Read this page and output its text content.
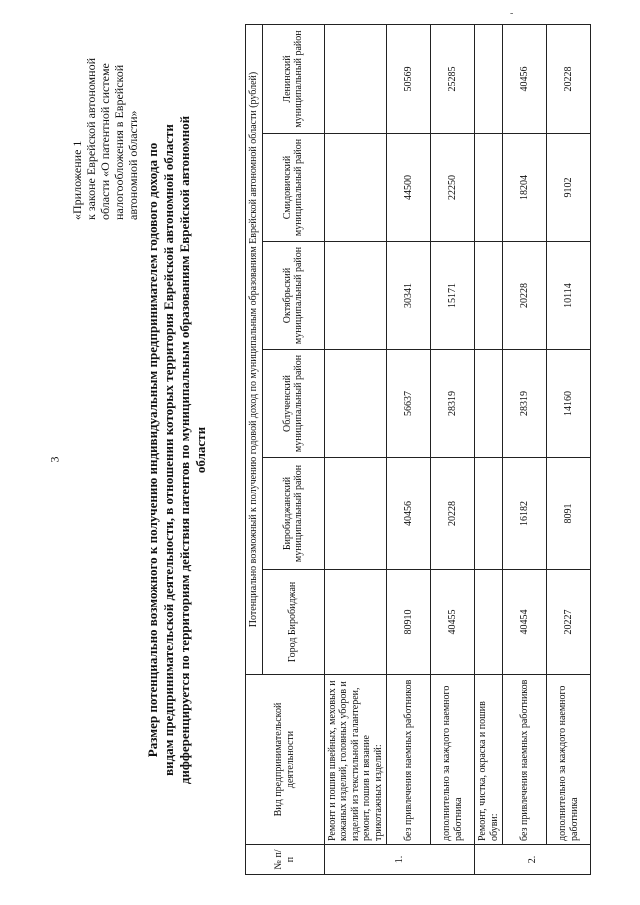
3
-
«Приложение 1 к законе Еврейской автономной области «О патентной системе налогообложения в Еврейской автономной области» Размер потенциально возможного к получению индивидуальным предпринимателем годового дохода по видам предпринимательской деятельности, в отношении которых территория Еврейской автономной области дифференцируется по территориям действия патентов по муниципальным образованиям Еврейской автономной области
№ п/п	Вид предпринимательской деятельности	Потенциально возможный к получению годовой доход по муниципальным образованиям Еврейской автономной области (рублей)					
		Город Биробиджан	Биробиджанский муниципальный район	Облученский муниципальный район	Октябрьский муниципальный район	Смидовичский муниципальный район	Ленинский муниципальный район
1.	Ремонт и пошив швейных, меховых и кожаных изделий, головных уборов и изделий из текстильной галантереи, ремонт, пошив и вязание трикотажных изделий:						
	без привлечения наемных работников	80910	40456	56637	30341	44500	50569
	дополнительно за каждого наемного работника	40455	20228	28319	15171	22250	25285
2.	Ремонт, чистка, окраска и пошив обуви:						
	без привлечения наемных работников	40454	16182	28319	20228	18204	40456
	дополнительно за каждого наемного работника	20227	8091	14160	10114	9102	20228
